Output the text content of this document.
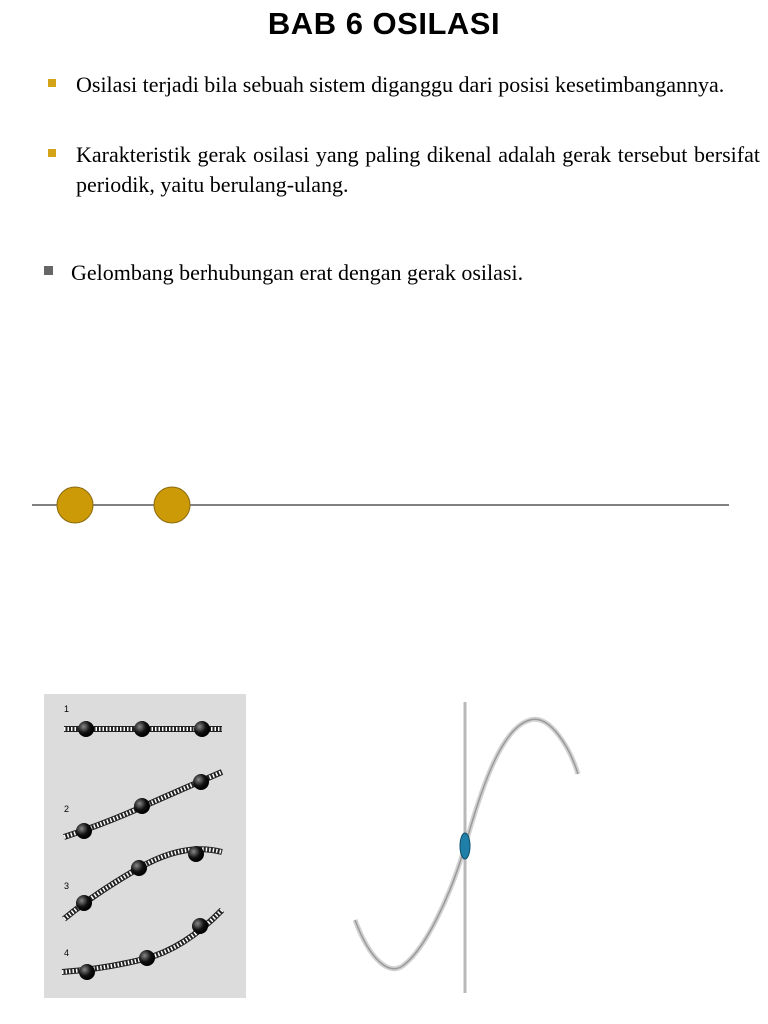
BAB 6 OSILASI
Osilasi terjadi bila sebuah sistem diganggu dari posisi kesetimbangannya.
Karakteristik gerak osilasi yang paling dikenal adalah gerak tersebut bersifat periodik, yaitu berulang-ulang.
Gelombang berhubungan erat dengan gerak osilasi.
1
2
3
4
